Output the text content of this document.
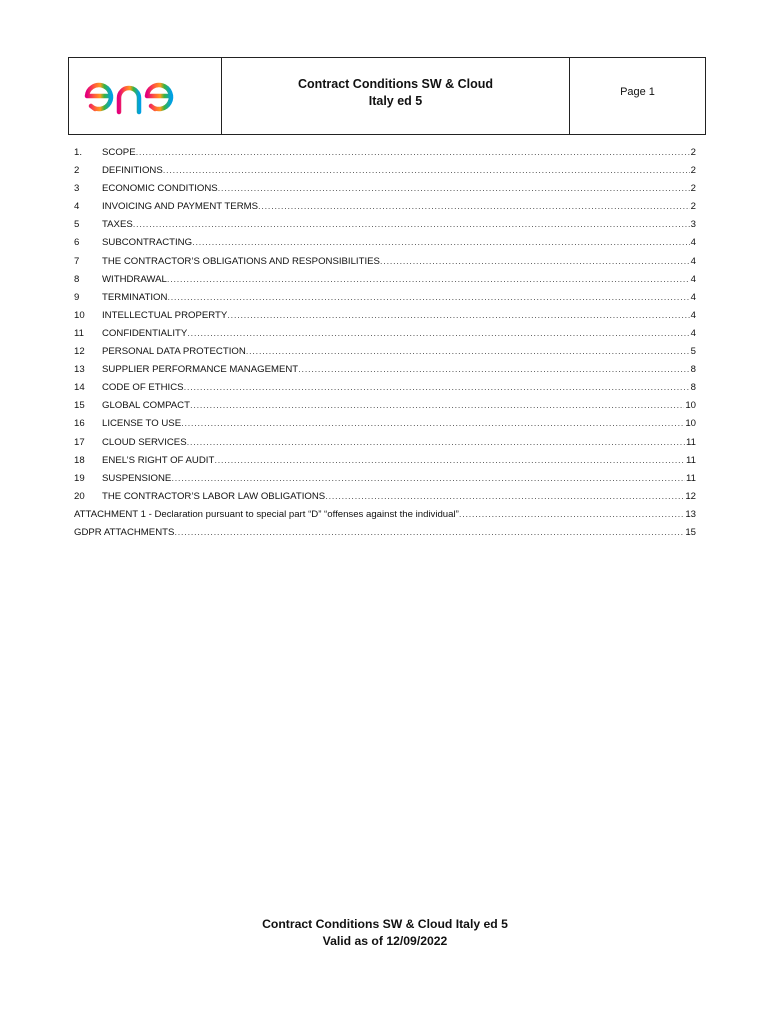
enel
Contract Conditions SW & Cloud
Italy ed 5
Page 1
1.	SCOPE .....	2
2	DEFINITIONS .....	2
3	ECONOMIC CONDITIONS .....	2
4	INVOICING AND PAYMENT TERMS .....	2
5	TAXES .....	3
6	SUBCONTRACTING .....	4
7	THE CONTRACTOR’S OBLIGATIONS AND RESPONSIBILITIES .....	4
8	WITHDRAWAL .....	4
9	TERMINATION .....	4
10	INTELLECTUAL PROPERTY .....	4
11	CONFIDENTIALITY .....	4
12	PERSONAL DATA PROTECTION .....	5
13	SUPPLIER PERFORMANCE MANAGEMENT .....	8
14	CODE OF ETHICS .....	8
15	GLOBAL COMPACT .....	10
16	LICENSE TO USE .....	10
17	CLOUD SERVICES .....	11
18	ENEL’S RIGHT OF AUDIT .....	11
19	SUSPENSIONE .....	11
20	THE CONTRACTOR’S LABOR LAW OBLIGATIONS .....	12
ATTACHMENT 1 - Declaration pursuant to special part “D” “offenses against the individual” .....	13
GDPR ATTACHMENTS .....	15
Contract Conditions SW & Cloud Italy ed 5
Valid as of 12/09/2022
